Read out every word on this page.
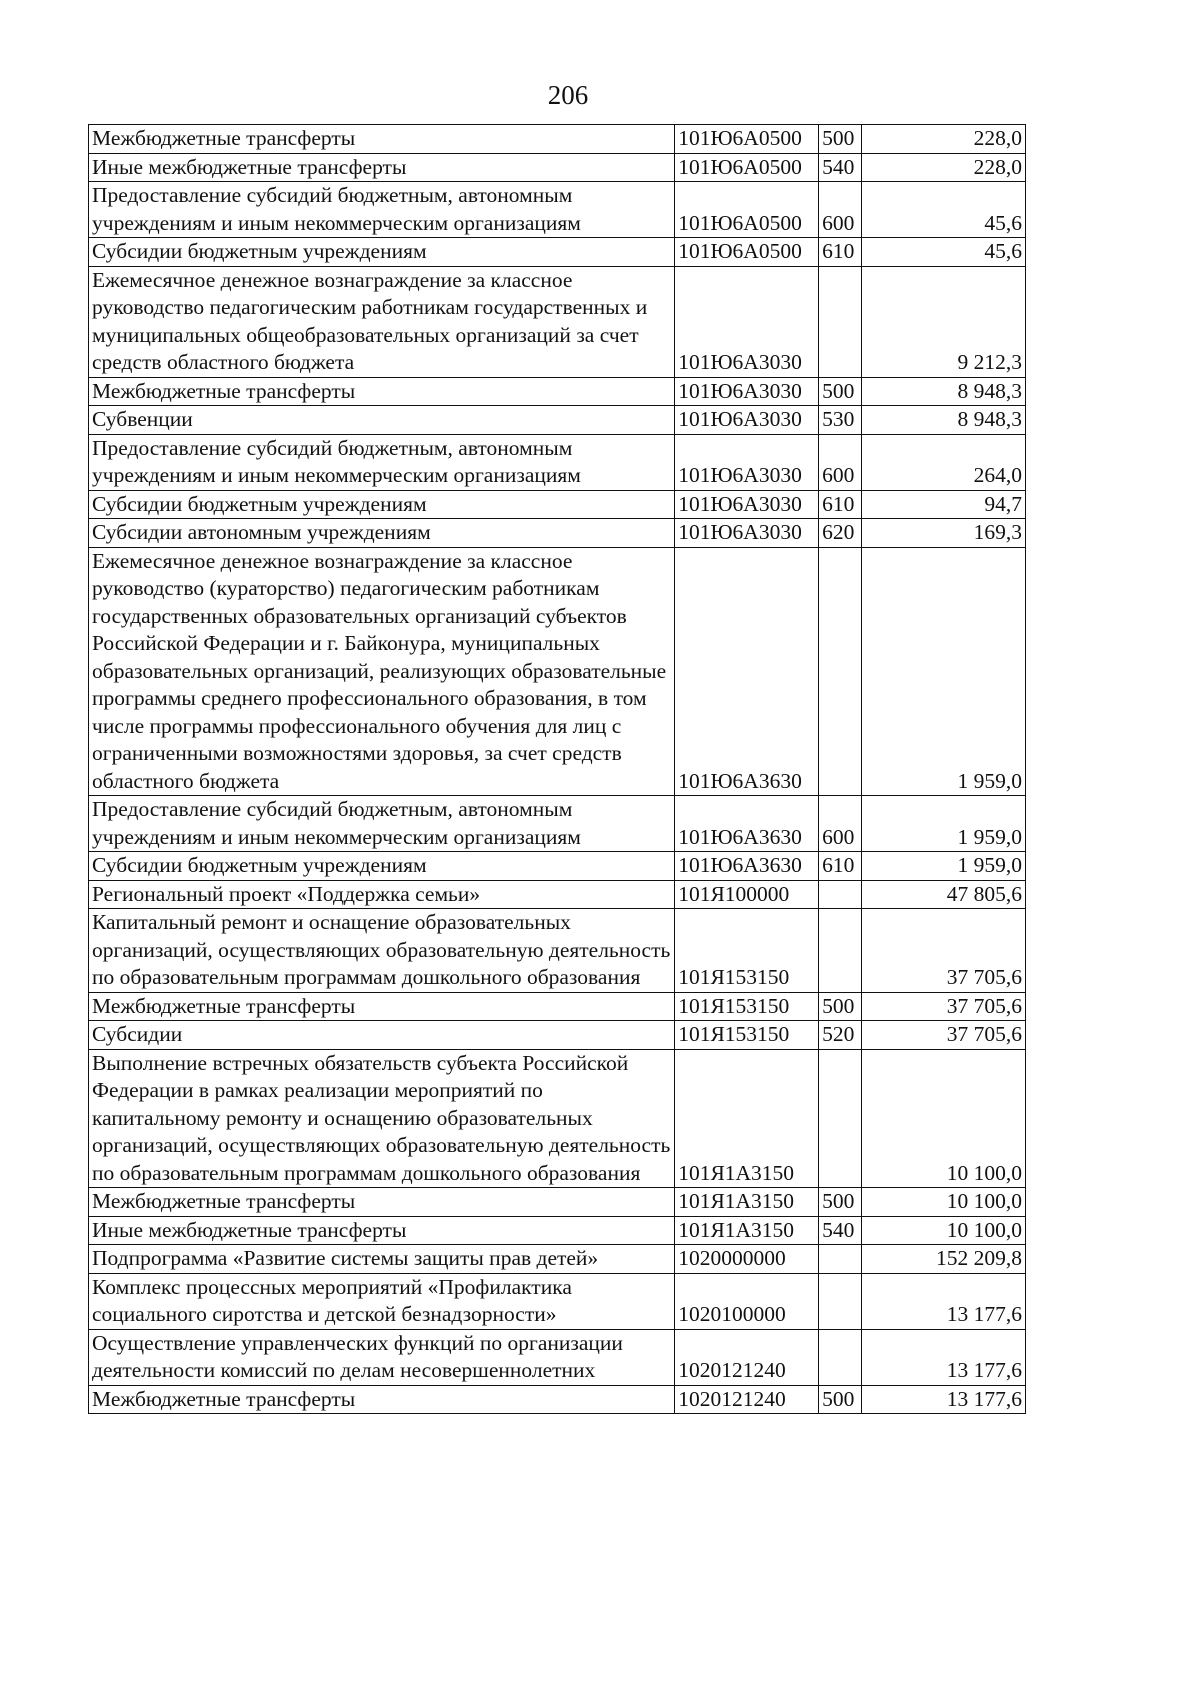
206
Межбюджетные трансферты	101Ю6А0500	500	228,0
Иные межбюджетные трансферты	101Ю6А0500	540	228,0
Предоставление субсидий бюджетным, автономным учреждениям и иным некоммерческим организациям	101Ю6А0500	600	45,6
Субсидии бюджетным учреждениям	101Ю6А0500	610	45,6
Ежемесячное денежное вознаграждение за классное руководство педагогическим работникам государственных и муниципальных общеобразовательных организаций за счет средств областного бюджета	101Ю6А3030		9 212,3
Межбюджетные трансферты	101Ю6А3030	500	8 948,3
Субвенции	101Ю6А3030	530	8 948,3
Предоставление субсидий бюджетным, автономным учреждениям и иным некоммерческим организациям	101Ю6А3030	600	264,0
Субсидии бюджетным учреждениям	101Ю6А3030	610	94,7
Субсидии автономным учреждениям	101Ю6А3030	620	169,3
Ежемесячное денежное вознаграждение за классное руководство (кураторство) педагогическим работникам государственных образовательных организаций субъектов Российской Федерации и г. Байконура, муниципальных образовательных организаций, реализующих образовательные программы среднего профессионального образования, в том числе программы профессионального обучения для лиц с ограниченными возможностями здоровья, за счет средств областного бюджета	101Ю6А3630		1 959,0
Предоставление субсидий бюджетным, автономным учреждениям и иным некоммерческим организациям	101Ю6А3630	600	1 959,0
Субсидии бюджетным учреждениям	101Ю6А3630	610	1 959,0
Региональный проект «Поддержка семьи»	101Я100000		47 805,6
Капитальный ремонт и оснащение образовательных организаций, осуществляющих образовательную деятельность по образовательным программам дошкольного образования	101Я153150		37 705,6
Межбюджетные трансферты	101Я153150	500	37 705,6
Субсидии	101Я153150	520	37 705,6
Выполнение встречных обязательств субъекта Российской Федерации в рамках реализации мероприятий по капитальному ремонту и оснащению образовательных организаций, осуществляющих образовательную деятельность по образовательным программам дошкольного образования	101Я1А3150		10 100,0
Межбюджетные трансферты	101Я1А3150	500	10 100,0
Иные межбюджетные трансферты	101Я1А3150	540	10 100,0
Подпрограмма «Развитие системы защиты прав детей»	1020000000		152 209,8
Комплекс процессных мероприятий «Профилактика социального сиротства и детской безнадзорности»	1020100000		13 177,6
Осуществление управленческих функций по организации деятельности комиссий по делам несовершеннолетних	1020121240		13 177,6
Межбюджетные трансферты	1020121240	500	13 177,6
